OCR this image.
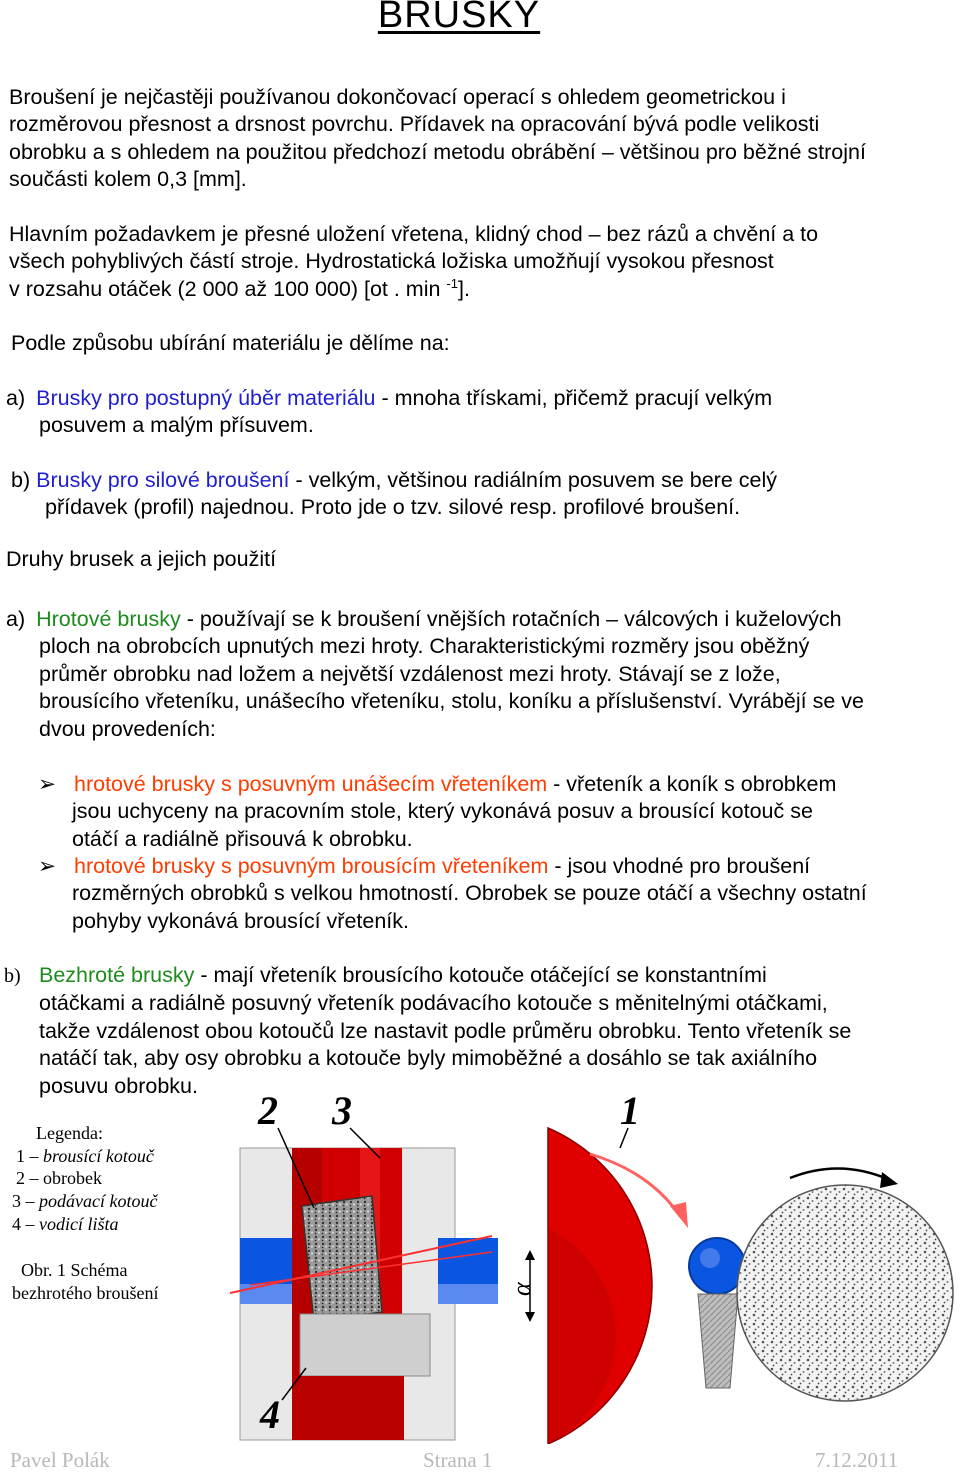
BRUSKY
Broušení je nejčastěji používanou dokončovací operací s ohledem geometrickou i
rozměrovou přesnost a drsnost povrchu. Přídavek na opracování bývá podle velikosti
obrobku a s ohledem na použitou předchozí metodu obrábění – většinou pro běžné strojní
součásti kolem 0,3 [mm].
Hlavním požadavkem je přesné uložení vřetena, klidný chod – bez rázů a chvění a to
všech pohyblivých částí stroje. Hydrostatická ložiska umožňují vysokou přesnost
v rozsahu otáček (2 000 až 100 000) [ot . min $^{-1}$].
Podle způsobu ubírání materiálu je dělíme na:
a) Brusky pro postupný úběr materiálu - mnoha třískami, přičemž pracují velkým
posuvem a malým přísuvem.
b) Brusky pro silové broušení - velkým, většinou radiálním posuvem se bere celý
přídavek (profil) najednou. Proto jde o tzv. silové resp. profilové broušení.
Druhy brusek a jejich použití
a) Hrotové brusky - používají se k broušení vnějších rotačních – válcových i kuželových
ploch na obrobcích upnutých mezi hroty. Charakteristickými rozměry jsou oběžný
průměr obrobku nad ložem a největší vzdálenost mezi hroty. Stávají se z lože,
brousícího vřeteníku, unášecího vřeteníku, stolu, koníku a příslušenství. Vyrábějí se ve
dvou provedeních:
➢ hrotové brusky s posuvným unášecím vřeteníkem - vřeteník a koník s obrobkem
jsou uchyceny na pracovním stole, který vykonává posuv a brousící kotouč se
otáčí a radiálně přisouvá k obrobku.
➢ hrotové brusky s posuvným brousícím vřeteníkem - jsou vhodné pro broušení
rozměrných obrobků s velkou hmotností. Obrobek se pouze otáčí a všechny ostatní
pohyby vykonává brousící vřeteník.
b) Bezhroté brusky - mají vřeteník brousícího kotouče otáčející se konstantními
otáčkami a radiálně posuvný vřeteník podávacího kotouče s měnitelnými otáčkami,
takže vzdálenost obou kotoučů lze nastavit podle průměru obrobku. Tento vřeteník se
natáčí tak, aby osy obrobku a kotouče byly mimoběžné a dosáhlo se tak axiálního
posuvu obrobku.
Legenda:
1 – brousící kotouč
2 – obrobek
3 – podávací kotouč
4 – vodicí lišta
Obr. 1 Schéma
bezhrotého broušení	α
2 3	1
4
Pavel Polák	Strana 1	7.12.2011
